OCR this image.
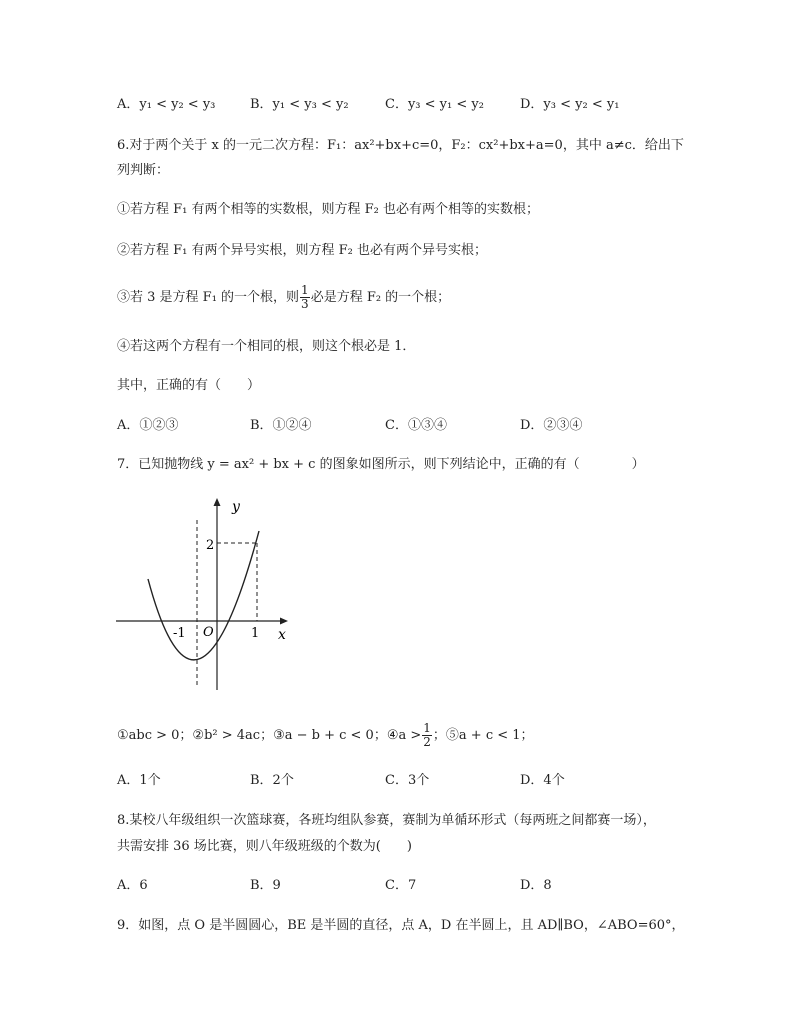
A．y₁ < y₂ < y₃	B．y₁ < y₃ < y₂	C．y₃ < y₁ < y₂	D．y₃ < y₂ < y₁
6.对于两个关于 x 的一元二次方程：F₁：ax²+bx+c=0，F₂：cx²+bx+a=0，其中 a≠c．给出下
列判断：
①若方程 F₁ 有两个相等的实数根，则方程 F₂ 也必有两个相等的实数根；
②若方程 F₁ 有两个异号实根，则方程 F₂ 也必有两个异号实根；
③若 3 是方程 F₁ 的一个根，则 $\frac{1}{3}$ 必是方程 F₂ 的一个根；
④若这两个方程有一个相同的根，则这个根必是 1．
其中，正确的有（　　）
A．①②③	B．①②④	C．①③④	D．②③④
7．已知抛物线 y = ax² + bx + c 的图象如图所示，则下列结论中，正确的有（　　　　）
y
x
O
-1	1
2
①abc > 0；②b² > 4ac；③a − b + c < 0；④a > $\frac{1}{2}$ ；⑤a + c < 1；
A．1个	B．2个	C．3个	D．4个
8.某校八年级组织一次篮球赛，各班均组队参赛，赛制为单循环形式（每两班之间都赛一场），
共需安排 36 场比赛，则八年级班级的个数为(　　)
A．6	B．9	C．7	D．8
9．如图，点 O 是半圆圆心，BE 是半圆的直径，点 A，D 在半圆上，且 AD∥BO，∠ABO=60°，
